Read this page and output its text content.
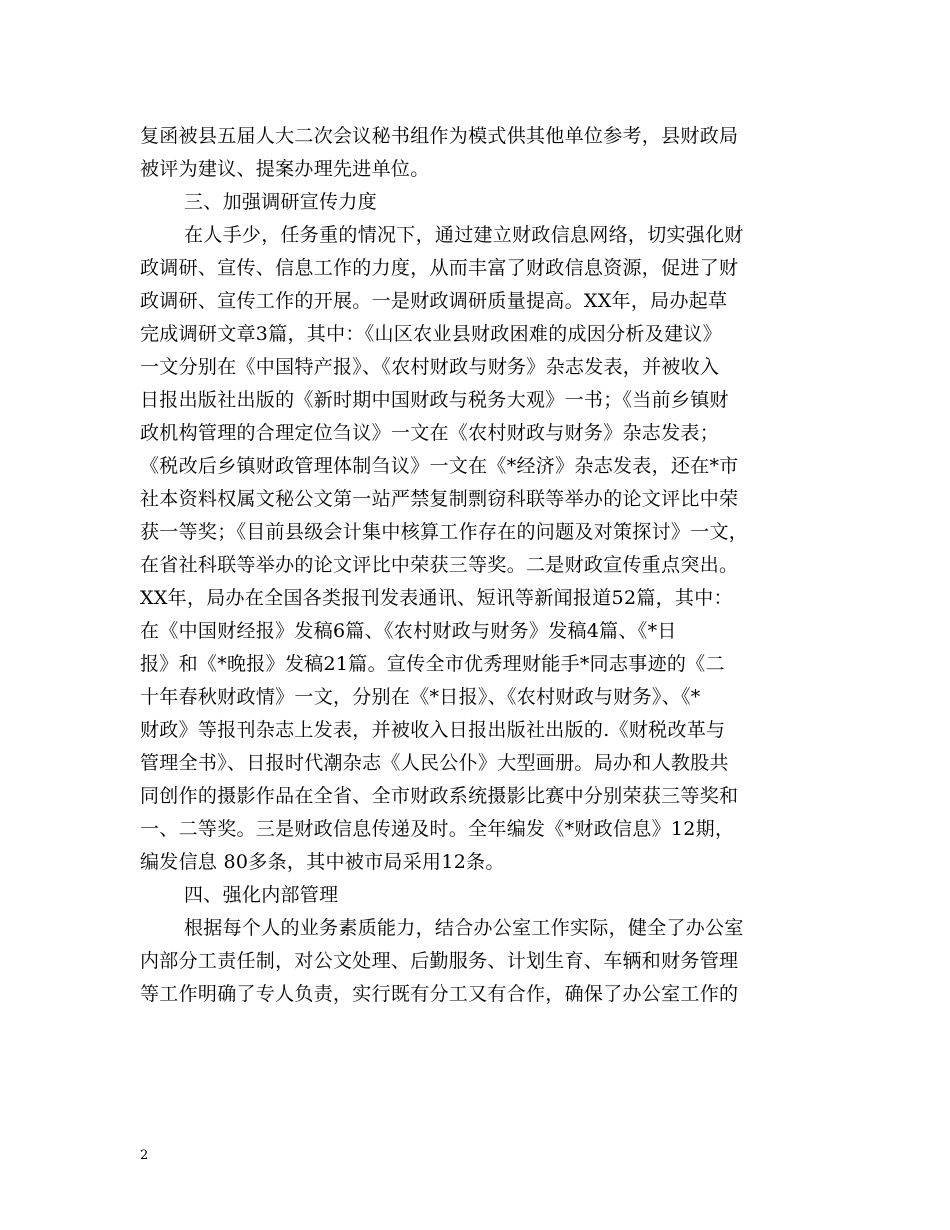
复函被县五届人大二次会议秘书组作为模式供其他单位参考，县财政局
被评为建议、提案办理先进单位。
三、加强调研宣传力度
在人手少，任务重的情况下，通过建立财政信息网络，切实强化财
政调研、宣传、信息工作的力度，从而丰富了财政信息资源，促进了财
政调研、宣传工作的开展。一是财政调研质量提高。XX年，局办起草
完成调研文章3篇，其中：《山区农业县财政困难的成因分析及建议》
一文分别在《中国特产报》、《农村财政与财务》杂志发表，并被收入
日报出版社出版的《新时期中国财政与税务大观》一书；《当前乡镇财
政机构管理的合理定位刍议》一文在《农村财政与财务》杂志发表；
《税改后乡镇财政管理体制刍议》一文在《*经济》杂志发表，还在*市
社本资料权属文秘公文第一站严禁复制剽窃科联等举办的论文评比中荣
获一等奖；《目前县级会计集中核算工作存在的问题及对策探讨》一文，
在省社科联等举办的论文评比中荣获三等奖。二是财政宣传重点突出。
XX年，局办在全国各类报刊发表通讯、短讯等新闻报道52篇，其中：
在《中国财经报》发稿6篇、《农村财政与财务》发稿4篇、《*日
报》和《*晚报》发稿21篇。宣传全市优秀理财能手*同志事迹的《二
十年春秋财政情》一文，分别在《*日报》、《农村财政与财务》、《*
财政》等报刊杂志上发表，并被收入日报出版社出版的.《财税改革与
管理全书》、日报时代潮杂志《人民公仆》大型画册。局办和人教股共
同创作的摄影作品在全省、全市财政系统摄影比赛中分别荣获三等奖和
一、二等奖。三是财政信息传递及时。全年编发《*财政信息》12期，
编发信息 80多条，其中被市局采用12条。
四、强化内部管理
根据每个人的业务素质能力，结合办公室工作实际，健全了办公室
内部分工责任制，对公文处理、后勤服务、计划生育、车辆和财务管理
等工作明确了专人负责，实行既有分工又有合作，确保了办公室工作的
2
